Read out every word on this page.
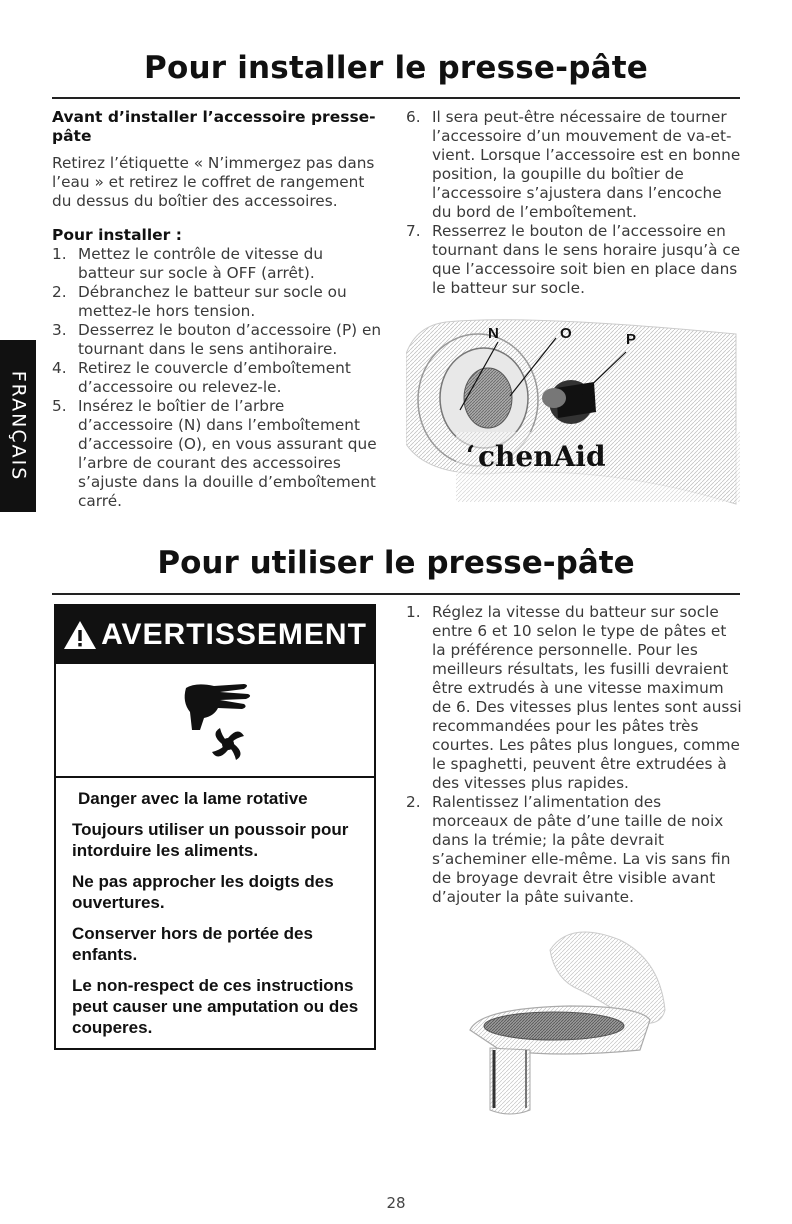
Pour installer le presse-pâte
FRANÇAIS

Avant d’installer l’accessoire presse-pâte

Retirez l’étiquette « N’immergez pas dans l’eau » et retirez le coffret de rangement du dessus du boîtier des accessoires.

Pour installer :

1. Mettez le contrôle de vitesse du batteur sur socle à OFF (arrêt).
2. Débranchez le batteur sur socle ou mettez-le hors tension.
3. Desserrez le bouton d’accessoire (P) en tournant dans le sens antihoraire.
4. Retirez le couvercle d’emboîtement d’accessoire ou relevez-le.
5. Insérez le boîtier de l’arbre d’accessoire (N) dans l’emboîtement d’accessoire (O), en vous assurant que l’arbre de courant des accessoires s’ajuste dans la douille d’emboîtement carré.
6. Il sera peut-être nécessaire de tourner l’accessoire d’un mouvement de va-et-vient. Lorsque l’accessoire est en bonne position, la goupille du boîtier de l’accessoire s’ajustera dans l’encoche du bord de l’emboîtement.
7. Resserrez le bouton de l’accessoire en tournant dans le sens horaire jusqu’à ce que l’accessoire soit bien en place dans le batteur sur socle.
‘ chenAid
N	O	P
Pour utiliser le presse-pâte
AVERTISSEMENT

Danger avec la lame rotative

Toujours utiliser un poussoir pour intorduire les aliments.

Ne pas approcher les doigts des ouvertures.

Conserver hors de portée des enfants.

Le non-respect de ces instructions peut causer une amputation ou des couperes.

1. Réglez la vitesse du batteur sur socle entre 6 et 10 selon le type de pâtes et la préférence personnelle. Pour les meilleurs résultats, les fusilli devraient être extrudés à une vitesse maximum de 6. Des vitesses plus lentes sont aussi recommandées pour les pâtes très courtes. Les pâtes plus longues, comme le spaghetti, peuvent être extrudées à des vitesses plus rapides.
2. Ralentissez l’alimentation des morceaux de pâte d’une taille de noix dans la trémie; la pâte devrait s’acheminer elle-même. La vis sans fin de broyage devrait être visible avant d’ajouter la pâte suivante.
28
